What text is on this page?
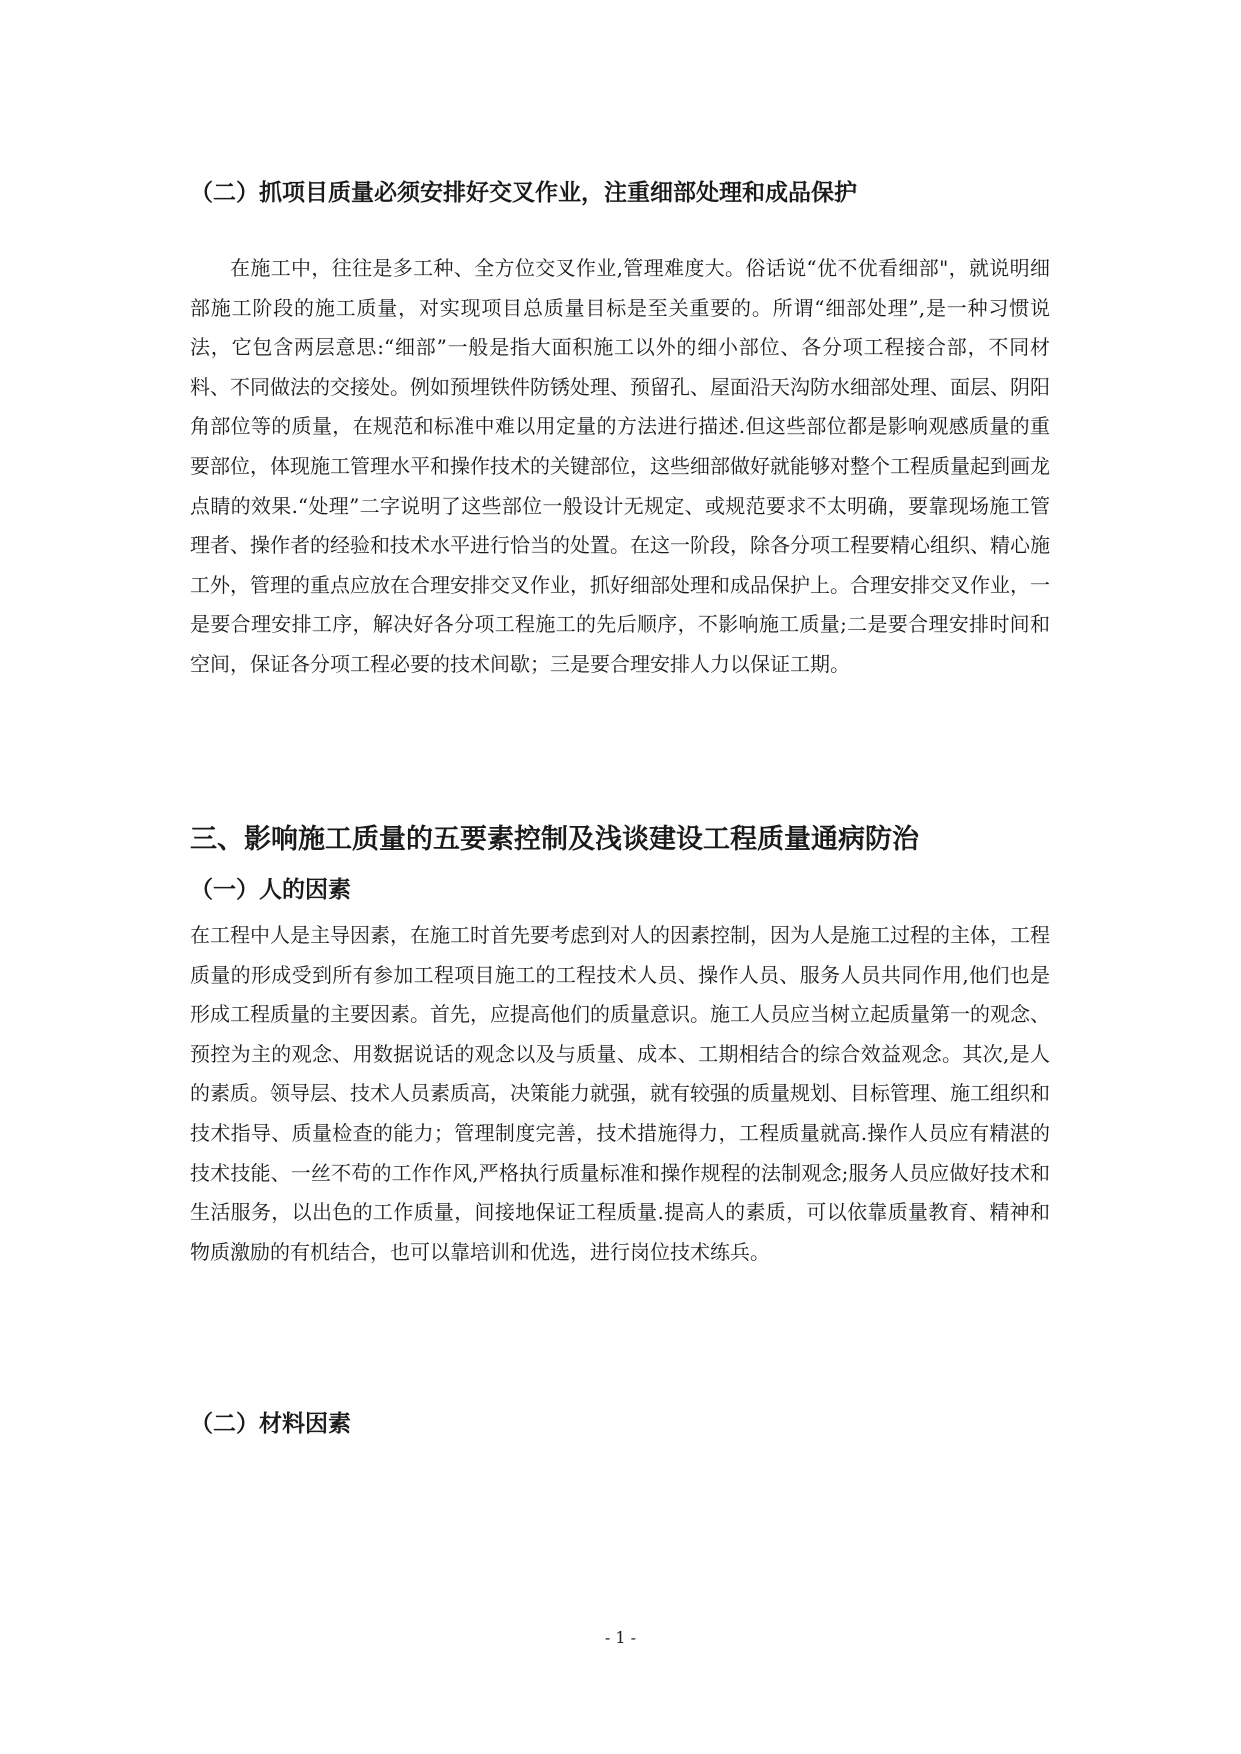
（二）抓项目质量必须安排好交叉作业，注重细部处理和成品保护
在施工中，往往是多工种、全方位交叉作业,管理难度大。俗话说“优不优看细部"，就说明细部施工阶段的施工质量，对实现项目总质量目标是至关重要的。所谓“细部处理”,是一种习惯说法，它包含两层意思:“细部”一般是指大面积施工以外的细小部位、各分项工程接合部，不同材料、不同做法的交接处。例如预埋铁件防锈处理、预留孔、屋面沿天沟防水细部处理、面层、阴阳角部位等的质量，在规范和标准中难以用定量的方法进行描述.但这些部位都是影响观感质量的重要部位，体现施工管理水平和操作技术的关键部位，这些细部做好就能够对整个工程质量起到画龙点睛的效果.“处理”二字说明了这些部位一般设计无规定、或规范要求不太明确，要靠现场施工管理者、操作者的经验和技术水平进行恰当的处置。在这一阶段，除各分项工程要精心组织、精心施工外，管理的重点应放在合理安排交叉作业，抓好细部处理和成品保护上。合理安排交叉作业，一是要合理安排工序，解决好各分项工程施工的先后顺序，不影响施工质量;二是要合理安排时间和空间，保证各分项工程必要的技术间歇；三是要合理安排人力以保证工期。
三、影响施工质量的五要素控制及浅谈建设工程质量通病防治
（一）人的因素
在工程中人是主导因素，在施工时首先要考虑到对人的因素控制，因为人是施工过程的主体，工程质量的形成受到所有参加工程项目施工的工程技术人员、操作人员、服务人员共同作用,他们也是形成工程质量的主要因素。首先，应提高他们的质量意识。施工人员应当树立起质量第一的观念、预控为主的观念、用数据说话的观念以及与质量、成本、工期相结合的综合效益观念。其次,是人的素质。领导层、技术人员素质高，决策能力就强，就有较强的质量规划、目标管理、施工组织和技术指导、质量检查的能力；管理制度完善，技术措施得力，工程质量就高.操作人员应有精湛的技术技能、一丝不苟的工作作风,严格执行质量标准和操作规程的法制观念;服务人员应做好技术和生活服务，以出色的工作质量，间接地保证工程质量.提高人的素质，可以依靠质量教育、精神和物质激励的有机结合，也可以靠培训和优选，进行岗位技术练兵。
（二）材料因素
- 1 -
